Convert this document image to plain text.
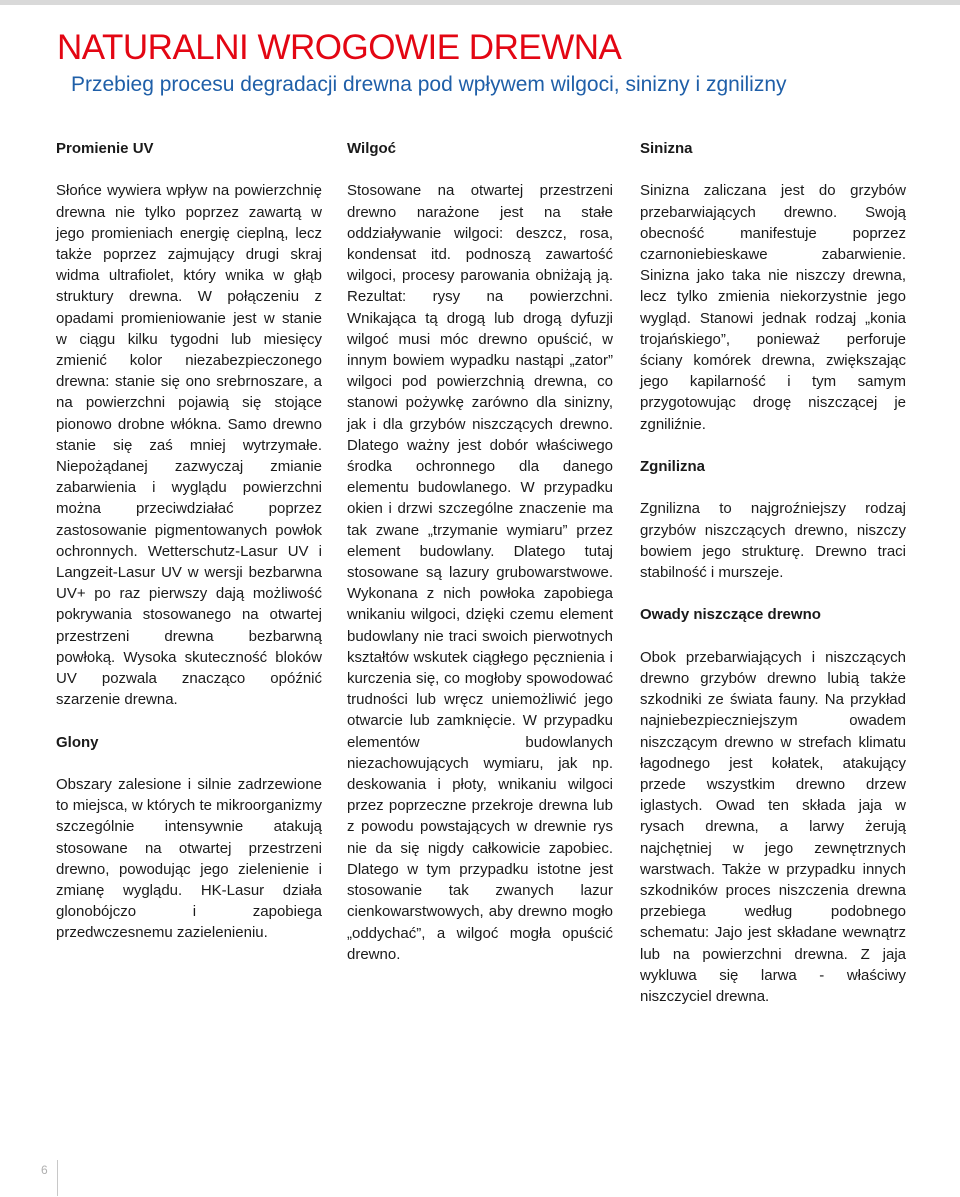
NATURALNI WROGOWIE DREWNA
Przebieg procesu degradacji drewna pod wpływem wilgoci, sinizny i zgnilizny
Promienie UV

Słońce wywiera wpływ na powierzchnię drewna nie tylko poprzez zawartą w jego promieniach energię cieplną, lecz także poprzez zajmujący drugi skraj widma ultrafiolet, który wnika w głąb struktury drewna. W połączeniu z opadami promieniowanie jest w stanie w ciągu kilku tygodni lub miesięcy zmienić kolor niezabezpieczonego drewna: stanie się ono srebrnoszare, a na powierzchni pojawią się stojące pionowo drobne włókna. Samo drewno stanie się zaś mniej wytrzymałe. Niepożądanej zazwyczaj zmianie zabarwienia i wyglądu powierzchni można przeciwdziałać poprzez zastosowanie pigmentowanych powłok ochronnych. Wetterschutz-Lasur UV i Langzeit-Lasur UV w wersji bezbarwna UV+ po raz pierwszy dają możliwość pokrywania stosowanego na otwartej przestrzeni drewna bezbarwną powłoką. Wysoka skuteczność bloków UV pozwala znacząco opóźnić szarzenie drewna.

Glony

Obszary zalesione i silnie zadrzewione to miejsca, w których te mikroorganizmy szczególnie intensywnie atakują stosowane na otwartej przestrzeni drewno, powodując jego zielenienie i zmianę wyglądu. HK-Lasur działa glonobójczo i zapobiega przedwczesnemu zazielenieniu.

Wilgoć

Stosowane na otwartej przestrzeni drewno narażone jest na stałe oddziaływanie wilgoci: deszcz, rosa, kondensat itd. podnoszą zawartość wilgoci, procesy parowania obniżają ją. Rezultat: rysy na powierzchni. Wnikająca tą drogą lub drogą dyfuzji wilgoć musi móc drewno opuścić, w innym bowiem wypadku nastąpi „zator” wilgoci pod powierzchnią drewna, co stanowi pożywkę zarówno dla sinizny, jak i dla grzybów niszczących drewno. Dlatego ważny jest dobór właściwego środka ochronnego dla danego elementu budowlanego. W przypadku okien i drzwi szczególne znaczenie ma tak zwane „trzymanie wymiaru” przez element budowlany. Dlatego tutaj stosowane są lazury grubowarstwowe. Wykonana z nich powłoka zapobiega wnikaniu wilgoci, dzięki czemu element budowlany nie traci swoich pierwotnych kształtów wskutek ciągłego pęcznienia i kurczenia się, co mogłoby spowodować trudności lub wręcz uniemożliwić jego otwarcie lub zamknięcie. W przypadku elementów budowlanych niezachowujących wymiaru, jak np. deskowania i płoty, wnikaniu wilgoci przez poprzeczne przekroje drewna lub z powodu powstających w drewnie rys nie da się nigdy całkowicie zapobiec. Dlatego w tym przypadku istotne jest stosowanie tak zwanych lazur cienkowarstwowych, aby drewno mogło „oddychać”, a wilgoć mogła opuścić drewno.

Sinizna

Sinizna zaliczana jest do grzybów przebarwiających drewno. Swoją obecność manifestuje poprzez czarnoniebieskawe zabarwienie. Sinizna jako taka nie niszczy drewna, lecz tylko zmienia niekorzystnie jego wygląd. Stanowi jednak rodzaj „konia trojańskiego”, ponieważ perforuje ściany komórek drewna, zwiększając jego kapilarność i tym samym przygotowując drogę niszczącej je zgniliźnie.

Zgnilizna

Zgnilizna to najgroźniejszy rodzaj grzybów niszczących drewno, niszczy bowiem jego strukturę. Drewno traci stabilność i murszeje.

Owady niszczące drewno

Obok przebarwiających i niszczących drewno grzybów drewno lubią także szkodniki ze świata fauny. Na przykład najniebezpieczniejszym owadem niszczącym drewno w strefach klimatu łagodnego jest kołatek, atakujący przede wszystkim drewno drzew iglastych. Owad ten składa jaja w rysach drewna, a larwy żerują najchętniej w jego zewnętrznych warstwach. Także w przypadku innych szkodników proces niszczenia drewna przebiega według podobnego schematu: Jajo jest składane wewnątrz lub na powierzchni drewna. Z jaja wykluwa się larwa - właściwy niszczyciel drewna.

6
